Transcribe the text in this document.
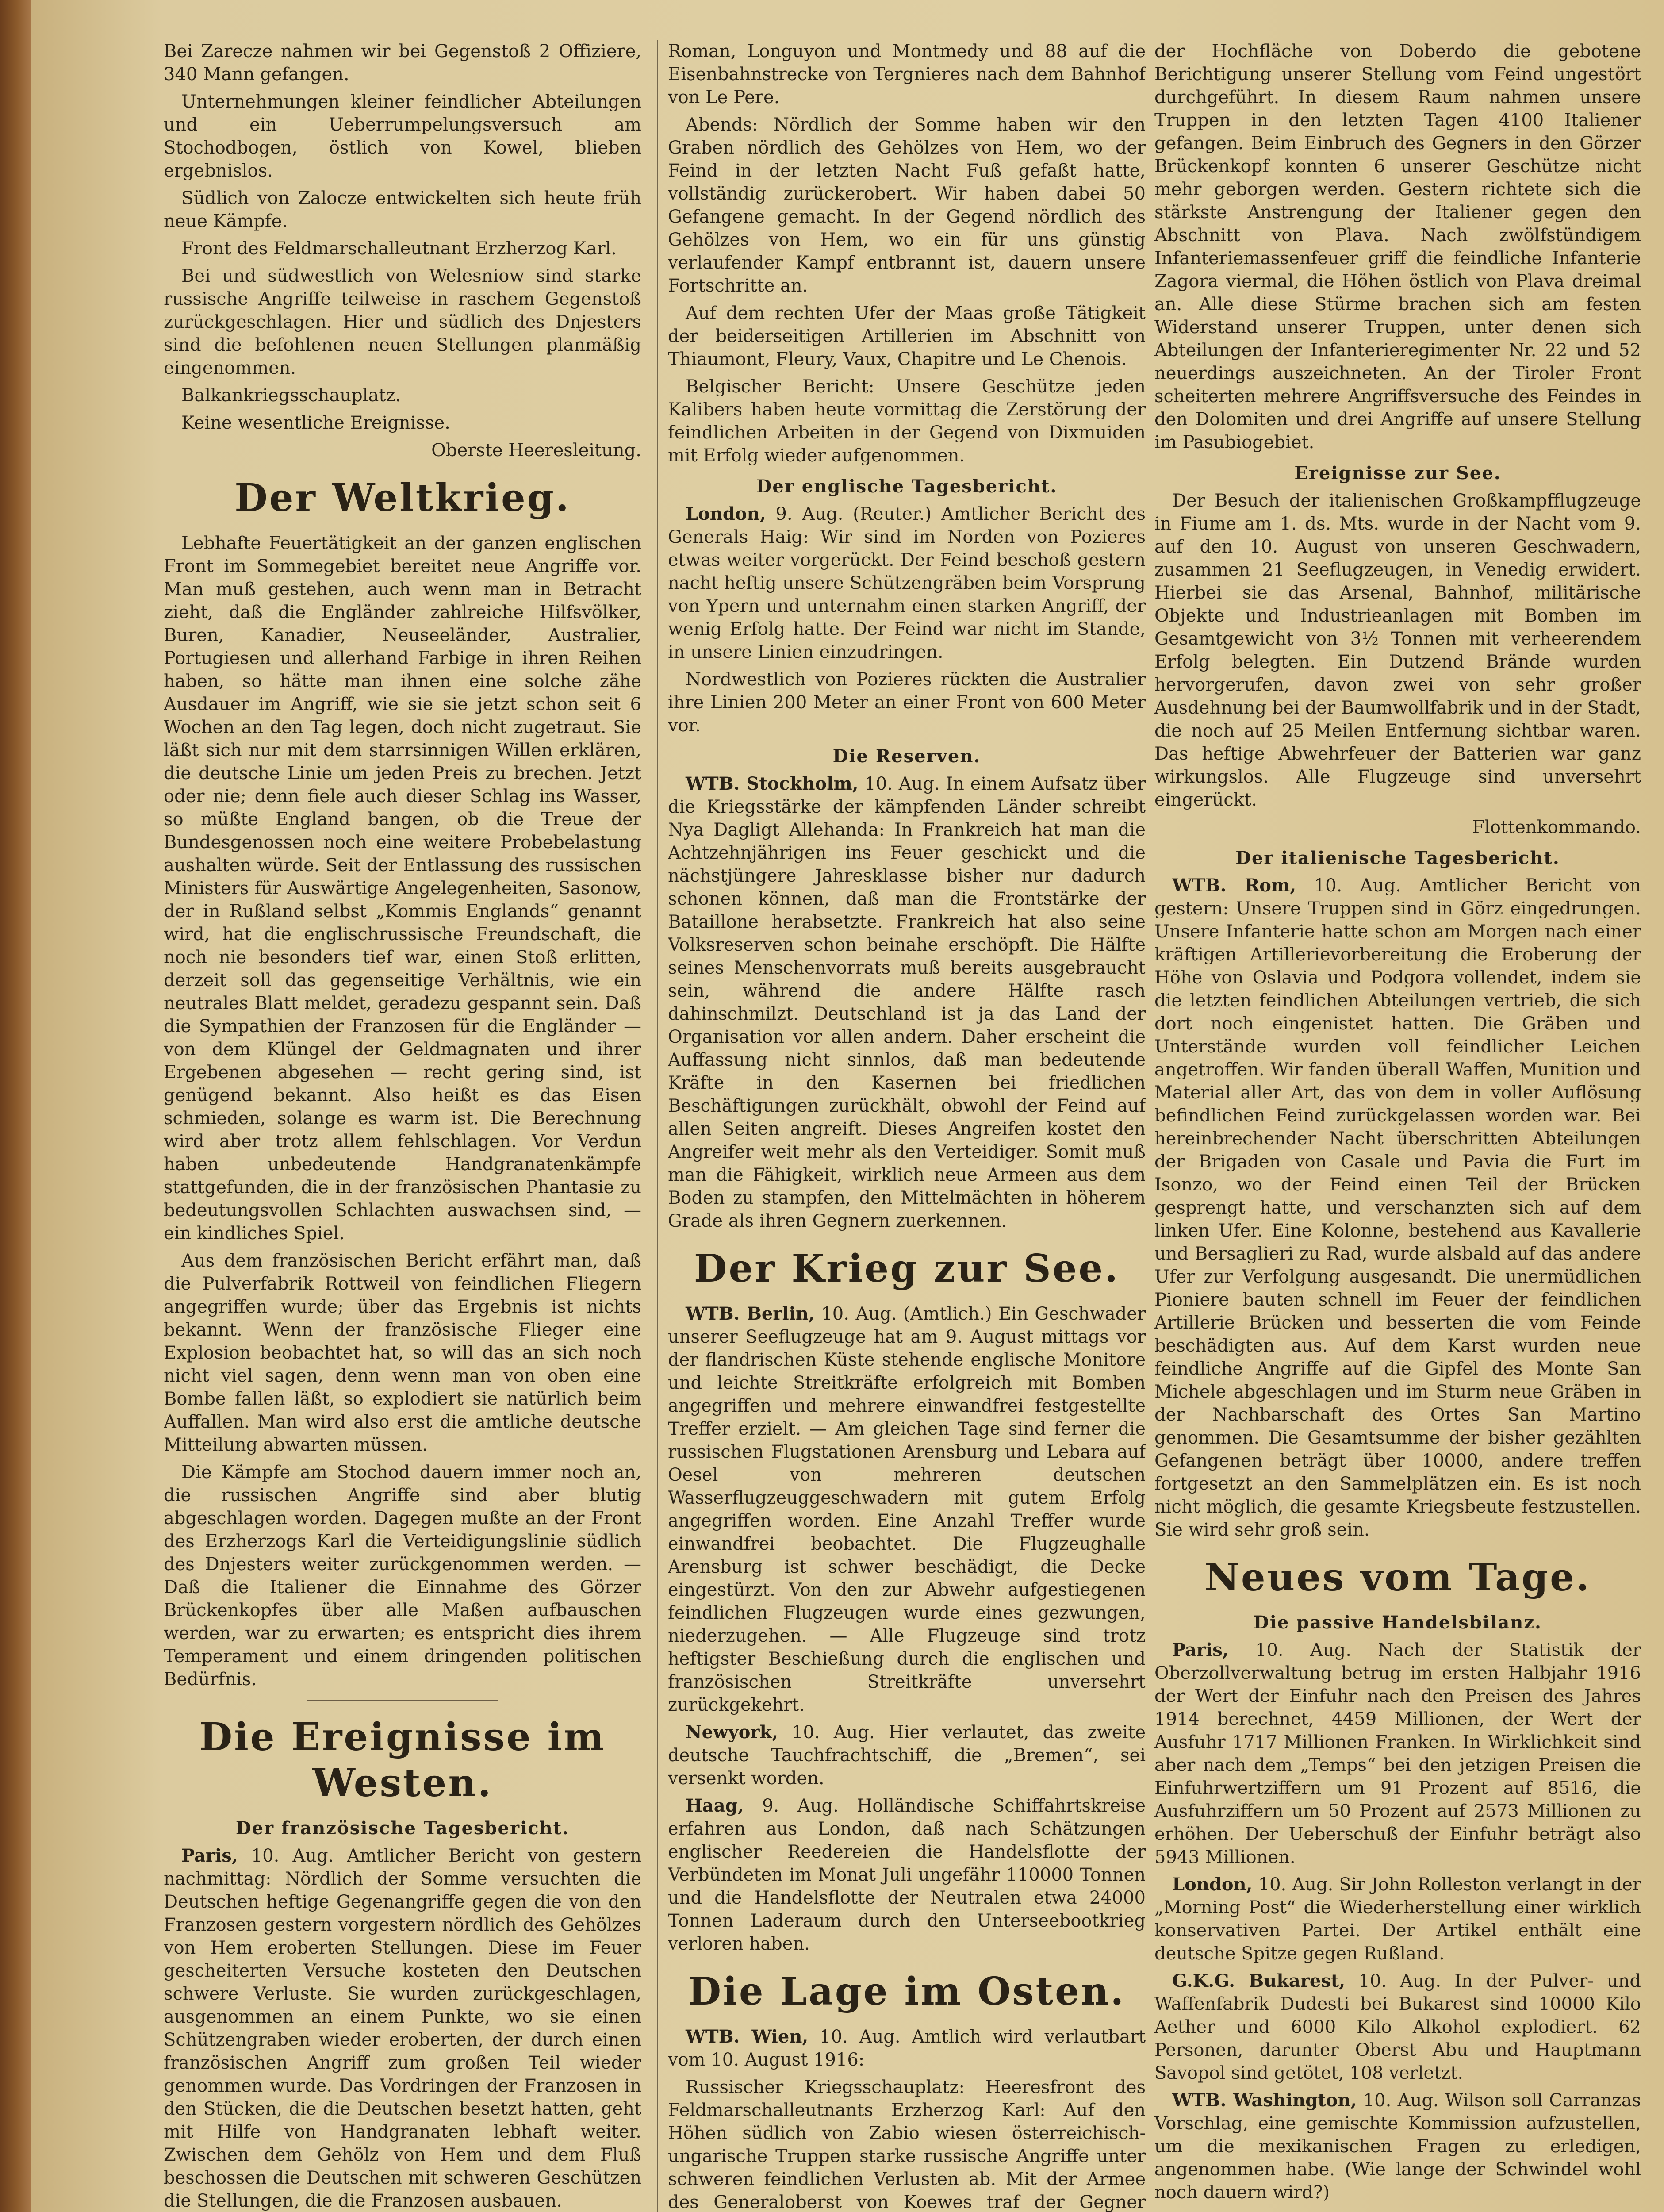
Bei Zarecze nahmen wir bei Gegenstoß 2 Offiziere, 340 Mann gefangen.

Unternehmungen kleiner feindlicher Abteilungen und ein Ueberrumpelungsversuch am Stochodbogen, östlich von Kowel, blieben ergebnislos.

Südlich von Zalocze entwickelten sich heute früh neue Kämpfe.

Front des Feldmarschalleutnant Erzherzog Karl.

Bei und südwestlich von Welesniow sind starke russische Angriffe teilweise in raschem Gegenstoß zurückgeschlagen. Hier und südlich des Dnjesters sind die befohlenen neuen Stellungen planmäßig eingenommen.

Balkankriegsschauplatz.

Keine wesentliche Ereignisse.

Oberste Heeresleitung.

Der Weltkrieg.

Lebhafte Feuertätigkeit an der ganzen englischen Front im Sommegebiet bereitet neue Angriffe vor. Man muß gestehen, auch wenn man in Betracht zieht, daß die Engländer zahlreiche Hilfsvölker, Buren, Kanadier, Neuseeländer, Australier, Portugiesen und allerhand Farbige in ihren Reihen haben, so hätte man ihnen eine solche zähe Ausdauer im Angriff, wie sie sie jetzt schon seit 6 Wochen an den Tag legen, doch nicht zugetraut. Sie läßt sich nur mit dem starrsinnigen Willen erklären, die deutsche Linie um jeden Preis zu brechen. Jetzt oder nie; denn fiele auch dieser Schlag ins Wasser, so müßte England bangen, ob die Treue der Bundesgenossen noch eine weitere Probebelastung aushalten würde. Seit der Entlassung des russischen Ministers für Auswärtige Angelegenheiten, Sasonow, der in Rußland selbst „Kommis Englands“ genannt wird, hat die englischrussische Freundschaft, die noch nie besonders tief war, einen Stoß erlitten, derzeit soll das gegenseitige Verhältnis, wie ein neutrales Blatt meldet, geradezu gespannt sein. Daß die Sympathien der Franzosen für die Engländer — von dem Klüngel der Geldmagnaten und ihrer Ergebenen abgesehen — recht gering sind, ist genügend bekannt. Also heißt es das Eisen schmieden, solange es warm ist. Die Berechnung wird aber trotz allem fehlschlagen. Vor Verdun haben unbedeutende Handgranatenkämpfe stattgefunden, die in der französischen Phantasie zu bedeutungsvollen Schlachten auswachsen sind, — ein kindliches Spiel.

Aus dem französischen Bericht erfährt man, daß die Pulverfabrik Rottweil von feindlichen Fliegern angegriffen wurde; über das Ergebnis ist nichts bekannt. Wenn der französische Flieger eine Explosion beobachtet hat, so will das an sich noch nicht viel sagen, denn wenn man von oben eine Bombe fallen läßt, so explodiert sie natürlich beim Auffallen. Man wird also erst die amtliche deutsche Mitteilung abwarten müssen.

Die Kämpfe am Stochod dauern immer noch an, die russischen Angriffe sind aber blutig abgeschlagen worden. Dagegen mußte an der Front des Erzherzogs Karl die Verteidigungslinie südlich des Dnjesters weiter zurückgenommen werden. — Daß die Italiener die Einnahme des Görzer Brückenkopfes über alle Maßen aufbauschen werden, war zu erwarten; es entspricht dies ihrem Temperament und einem dringenden politischen Bedürfnis.

Die Ereignisse im Westen.
Der französische Tagesbericht.

Paris, 10. Aug. Amtlicher Bericht von gestern nachmittag: Nördlich der Somme versuchten die Deutschen heftige Gegenangriffe gegen die von den Franzosen gestern vorgestern nördlich des Gehölzes von Hem eroberten Stellungen. Diese im Feuer gescheiterten Versuche kosteten den Deutschen schwere Verluste. Sie wurden zurückgeschlagen, ausgenommen an einem Punkte, wo sie einen Schützengraben wieder eroberten, der durch einen französischen Angriff zum großen Teil wieder genommen wurde. Das Vordringen der Franzosen in den Stücken, die die Deutschen besetzt hatten, geht mit Hilfe von Handgranaten lebhaft weiter. Zwischen dem Gehölz von Hem und dem Fluß beschossen die Deutschen mit schweren Geschützen die Stellungen, die die Franzosen ausbauen.

Roman, Longuyon und Montmedy und 88 auf die Eisenbahnstrecke von Tergnieres nach dem Bahnhof von Le Pere.

Abends: Nördlich der Somme haben wir den Graben nördlich des Gehölzes von Hem, wo der Feind in der letzten Nacht Fuß gefaßt hatte, vollständig zurückerobert. Wir haben dabei 50 Gefangene gemacht. In der Gegend nördlich des Gehölzes von Hem, wo ein für uns günstig verlaufender Kampf entbrannt ist, dauern unsere Fortschritte an.

Auf dem rechten Ufer der Maas große Tätigkeit der beiderseitigen Artillerien im Abschnitt von Thiaumont, Fleury, Vaux, Chapitre und Le Chenois.

Belgischer Bericht: Unsere Geschütze jeden Kalibers haben heute vormittag die Zerstörung der feindlichen Arbeiten in der Gegend von Dixmuiden mit Erfolg wieder aufgenommen.

Der englische Tagesbericht.

London, 9. Aug. (Reuter.) Amtlicher Bericht des Generals Haig: Wir sind im Norden von Pozieres etwas weiter vorgerückt. Der Feind beschoß gestern nacht heftig unsere Schützengräben beim Vorsprung von Ypern und unternahm einen starken Angriff, der wenig Erfolg hatte. Der Feind war nicht im Stande, in unsere Linien einzudringen.

Nordwestlich von Pozieres rückten die Australier ihre Linien 200 Meter an einer Front von 600 Meter vor.

Die Reserven.

WTB. Stockholm, 10. Aug. In einem Aufsatz über die Kriegsstärke der kämpfenden Länder schreibt Nya Dagligt Allehanda: In Frankreich hat man die Achtzehnjährigen ins Feuer geschickt und die nächstjüngere Jahresklasse bisher nur dadurch schonen können, daß man die Frontstärke der Bataillone herabsetzte. Frankreich hat also seine Volksreserven schon beinahe erschöpft. Die Hälfte seines Menschenvorrats muß bereits ausgebraucht sein, während die andere Hälfte rasch dahinschmilzt. Deutschland ist ja das Land der Organisation vor allen andern. Daher erscheint die Auffassung nicht sinnlos, daß man bedeutende Kräfte in den Kasernen bei friedlichen Beschäftigungen zurückhält, obwohl der Feind auf allen Seiten angreift. Dieses Angreifen kostet den Angreifer weit mehr als den Verteidiger. Somit muß man die Fähigkeit, wirklich neue Armeen aus dem Boden zu stampfen, den Mittelmächten in höherem Grade als ihren Gegnern zuerkennen.

Der Krieg zur See.

WTB. Berlin, 10. Aug. (Amtlich.) Ein Geschwader unserer Seeflugzeuge hat am 9. August mittags vor der flandrischen Küste stehende englische Monitore und leichte Streitkräfte erfolgreich mit Bomben angegriffen und mehrere einwandfrei festgestellte Treffer erzielt. — Am gleichen Tage sind ferner die russischen Flugstationen Arensburg und Lebara auf Oesel von mehreren deutschen Wasserflugzeuggeschwadern mit gutem Erfolg angegriffen worden. Eine Anzahl Treffer wurde einwandfrei beobachtet. Die Flugzeughalle Arensburg ist schwer beschädigt, die Decke eingestürzt. Von den zur Abwehr aufgestiegenen feindlichen Flugzeugen wurde eines gezwungen, niederzugehen. — Alle Flugzeuge sind trotz heftigster Beschießung durch die englischen und französischen Streitkräfte unversehrt zurückgekehrt.

Newyork, 10. Aug. Hier verlautet, das zweite deutsche Tauchfrachtschiff, die „Bremen“, sei versenkt worden.

Haag, 9. Aug. Holländische Schiffahrtskreise erfahren aus London, daß nach Schätzungen englischer Reedereien die Handelsflotte der Verbündeten im Monat Juli ungefähr 110000 Tonnen und die Handelsflotte der Neutralen etwa 24000 Tonnen Laderaum durch den Unterseebootkrieg verloren haben.

Die Lage im Osten.

WTB. Wien, 10. Aug. Amtlich wird verlautbart vom 10. August 1916:

Russischer Kriegsschauplatz: Heeresfront des Feldmarschalleutnants Erzherzog Karl: Auf den Höhen südlich von Zabio wiesen österreichisch-ungarische Truppen starke russische Angriffe unter schweren feindlichen Verlusten ab. Mit der Armee des Generaloberst von Koewes traf der Gegner

der Hochfläche von Doberdo die gebotene Berichtigung unserer Stellung vom Feind ungestört durchgeführt. In diesem Raum nahmen unsere Truppen in den letzten Tagen 4100 Italiener gefangen. Beim Einbruch des Gegners in den Görzer Brückenkopf konnten 6 unserer Geschütze nicht mehr geborgen werden. Gestern richtete sich die stärkste Anstrengung der Italiener gegen den Abschnitt von Plava. Nach zwölfstündigem Infanteriemassenfeuer griff die feindliche Infanterie Zagora viermal, die Höhen östlich von Plava dreimal an. Alle diese Stürme brachen sich am festen Widerstand unserer Truppen, unter denen sich Abteilungen der Infanterieregimenter Nr. 22 und 52 neuerdings auszeichneten. An der Tiroler Front scheiterten mehrere Angriffsversuche des Feindes in den Dolomiten und drei Angriffe auf unsere Stellung im Pasubiogebiet.

Ereignisse zur See.

Der Besuch der italienischen Großkampfflugzeuge in Fiume am 1. ds. Mts. wurde in der Nacht vom 9. auf den 10. August von unseren Geschwadern, zusammen 21 Seeflugzeugen, in Venedig erwidert. Hierbei sie das Arsenal, Bahnhof, militärische Objekte und Industrieanlagen mit Bomben im Gesamtgewicht von 3½ Tonnen mit verheerendem Erfolg belegten. Ein Dutzend Brände wurden hervorgerufen, davon zwei von sehr großer Ausdehnung bei der Baumwollfabrik und in der Stadt, die noch auf 25 Meilen Entfernung sichtbar waren. Das heftige Abwehrfeuer der Batterien war ganz wirkungslos. Alle Flugzeuge sind unversehrt eingerückt.

Flottenkommando.

Der italienische Tagesbericht.

WTB. Rom, 10. Aug. Amtlicher Bericht von gestern: Unsere Truppen sind in Görz eingedrungen. Unsere Infanterie hatte schon am Morgen nach einer kräftigen Artillerievorbereitung die Eroberung der Höhe von Oslavia und Podgora vollendet, indem sie die letzten feindlichen Abteilungen vertrieb, die sich dort noch eingenistet hatten. Die Gräben und Unterstände wurden voll feindlicher Leichen angetroffen. Wir fanden überall Waffen, Munition und Material aller Art, das von dem in voller Auflösung befindlichen Feind zurückgelassen worden war. Bei hereinbrechender Nacht überschritten Abteilungen der Brigaden von Casale und Pavia die Furt im Isonzo, wo der Feind einen Teil der Brücken gesprengt hatte, und verschanzten sich auf dem linken Ufer. Eine Kolonne, bestehend aus Kavallerie und Bersaglieri zu Rad, wurde alsbald auf das andere Ufer zur Verfolgung ausgesandt. Die unermüdlichen Pioniere bauten schnell im Feuer der feindlichen Artillerie Brücken und besserten die vom Feinde beschädigten aus. Auf dem Karst wurden neue feindliche Angriffe auf die Gipfel des Monte San Michele abgeschlagen und im Sturm neue Gräben in der Nachbarschaft des Ortes San Martino genommen. Die Gesamtsumme der bisher gezählten Gefangenen beträgt über 10000, andere treffen fortgesetzt an den Sammelplätzen ein. Es ist noch nicht möglich, die gesamte Kriegsbeute festzustellen. Sie wird sehr groß sein.

Neues vom Tage.
Die passive Handelsbilanz.

Paris, 10. Aug. Nach der Statistik der Oberzollverwaltung betrug im ersten Halbjahr 1916 der Wert der Einfuhr nach den Preisen des Jahres 1914 berechnet, 4459 Millionen, der Wert der Ausfuhr 1717 Millionen Franken. In Wirklichkeit sind aber nach dem „Temps“ bei den jetzigen Preisen die Einfuhrwertziffern um 91 Prozent auf 8516, die Ausfuhrziffern um 50 Prozent auf 2573 Millionen zu erhöhen. Der Ueberschuß der Einfuhr beträgt also 5943 Millionen.

London, 10. Aug. Sir John Rolleston verlangt in der „Morning Post“ die Wiederherstellung einer wirklich konservativen Partei. Der Artikel enthält eine deutsche Spitze gegen Rußland.

G.K.G. Bukarest, 10. Aug. In der Pulver- und Waffenfabrik Dudesti bei Bukarest sind 10000 Kilo Aether und 6000 Kilo Alkohol explodiert. 62 Personen, darunter Oberst Abu und Hauptmann Savopol sind getötet, 108 verletzt.

WTB. Washington, 10. Aug. Wilson soll Carranzas Vorschlag, eine gemischte Kommission aufzustellen, um die mexikanischen Fragen zu erledigen, angenommen habe. (Wie lange der Schwindel wohl noch dauern wird?)
